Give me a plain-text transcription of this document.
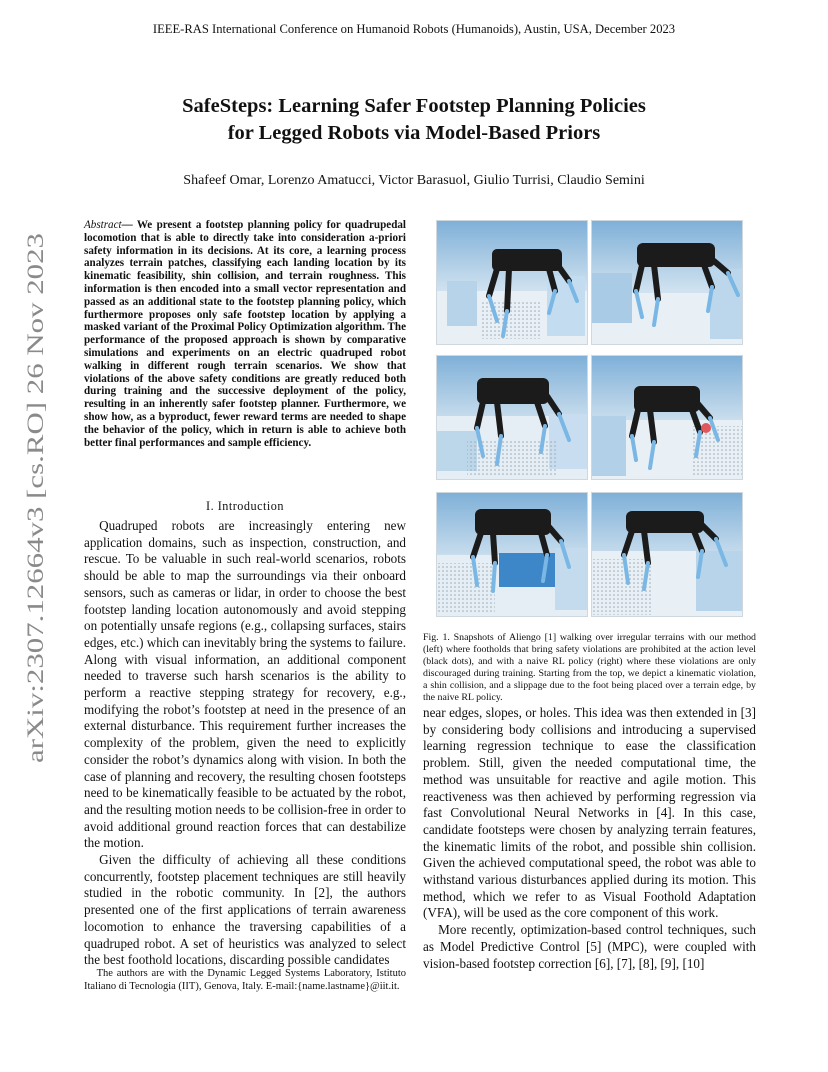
IEEE-RAS International Conference on Humanoid Robots (Humanoids), Austin, USA, December 2023
SafeSteps: Learning Safer Footstep Planning Policies
for Legged Robots via Model-Based Priors
Shafeef Omar, Lorenzo Amatucci, Victor Barasuol, Giulio Turrisi, Claudio Semini
arXiv:2307.12664v3 [cs.RO] 26 Nov 2023
Abstract— We present a footstep planning policy for quadrupedal locomotion that is able to directly take into consideration a-priori safety information in its decisions. At its core, a learning process analyzes terrain patches, classifying each landing location by its kinematic feasibility, shin collision, and terrain roughness. This information is then encoded into a small vector representation and passed as an additional state to the footstep planning policy, which furthermore proposes only safe footstep location by applying a masked variant of the Proximal Policy Optimization algorithm. The performance of the proposed approach is shown by comparative simulations and experiments on an electric quadruped robot walking in different rough terrain scenarios. We show that violations of the above safety conditions are greatly reduced both during training and the successive deployment of the policy, resulting in an inherently safer footstep planner. Furthermore, we show how, as a byproduct, fewer reward terms are needed to shape the behavior of the policy, which in return is able to achieve both better final performances and sample efficiency.
I. Introduction

Quadruped robots are increasingly entering new application domains, such as inspection, construction, and rescue. To be valuable in such real-world scenarios, robots should be able to map the surroundings via their onboard sensors, such as cameras or lidar, in order to choose the best footstep landing location autonomously and avoid stepping on potentially unsafe regions (e.g., collapsing surfaces, stairs edges, etc.) which can inevitably bring the systems to failure. Along with visual information, an additional component needed to traverse such harsh scenarios is the ability to perform a reactive stepping strategy for recovery, e.g., modifying the robot’s footstep at need in the presence of an external disturbance. This requirement further increases the complexity of the problem, given the need to explicitly consider the robot’s dynamics along with vision. In both the case of planning and recovery, the resulting chosen footsteps need to be kinematically feasible to be actuated by the robot, and the resulting motion needs to be collision-free in order to avoid additional ground reaction forces that can destabilize the motion.

Given the difficulty of achieving all these conditions concurrently, footstep placement techniques are still heavily studied in the robotic community. In [2], the authors presented one of the first applications of terrain awareness locomotion to enhance the traversing capabilities of a quadruped robot. A set of heuristics was analyzed to select the best foothold locations, discarding possible candidates

The authors are with the Dynamic Legged Systems Laboratory, Istituto Italiano di Tecnologia (IIT), Genova, Italy. E-mail:{name.lastname}@iit.it.

Fig. 1. Snapshots of Aliengo [1] walking over irregular terrains with our method (left) where footholds that bring safety violations are prohibited at the action level (black dots), and with a naive RL policy (right) where these violations are only discouraged during training. Starting from the top, we depict a kinematic violation, a shin collision, and a slippage due to the foot being placed over a terrain edge, by the naive RL policy.

near edges, slopes, or holes. This idea was then extended in [3] by considering body collisions and introducing a supervised learning regression technique to ease the classification problem. Still, given the needed computational time, the method was unsuitable for reactive and agile motion. This reactiveness was then achieved by performing regression via fast Convolutional Neural Networks in [4]. In this case, candidate footsteps were chosen by analyzing terrain features, the kinematic limits of the robot, and possible shin collision. Given the achieved computational speed, the robot was able to withstand various disturbances applied during its motion. This method, which we refer to as Visual Foothold Adaptation (VFA), will be used as the core component of this work.

More recently, optimization-based control techniques, such as Model Predictive Control [5] (MPC), were coupled with vision-based footstep correction [6], [7], [8], [9], [10]
